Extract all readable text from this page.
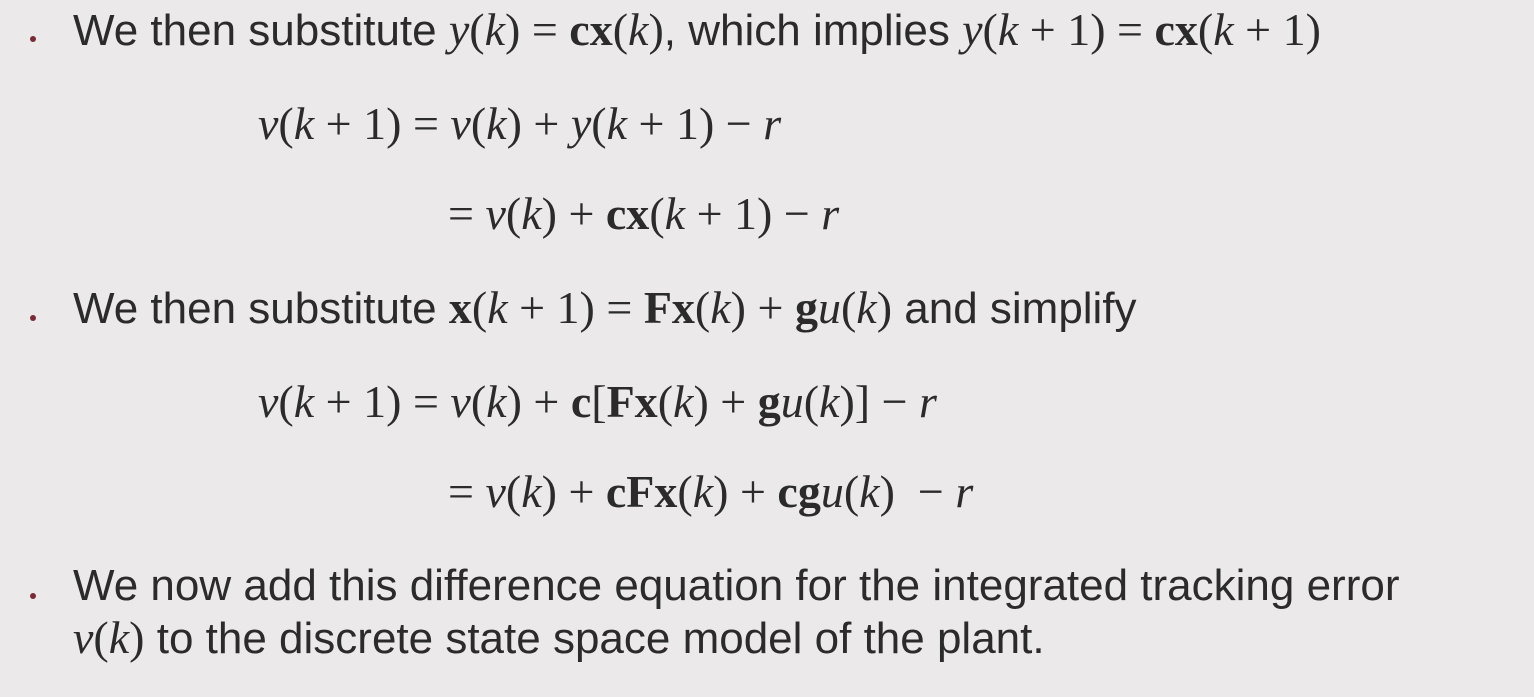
We then substitute y(k) = cx(k), which implies y(k + 1) = cx(k + 1)
v(k + 1) = v(k) + y(k + 1) − r
= v(k) + cx(k + 1) − r
We then substitute x(k + 1) = Fx(k) + gu(k) and simplify
v(k + 1) = v(k) + c[Fx(k) + gu(k)] − r
= v(k) + cFx(k) + cgu(k)  − r
We now add this difference equation for the integrated tracking error
v(k) to the discrete state space model of the plant.
